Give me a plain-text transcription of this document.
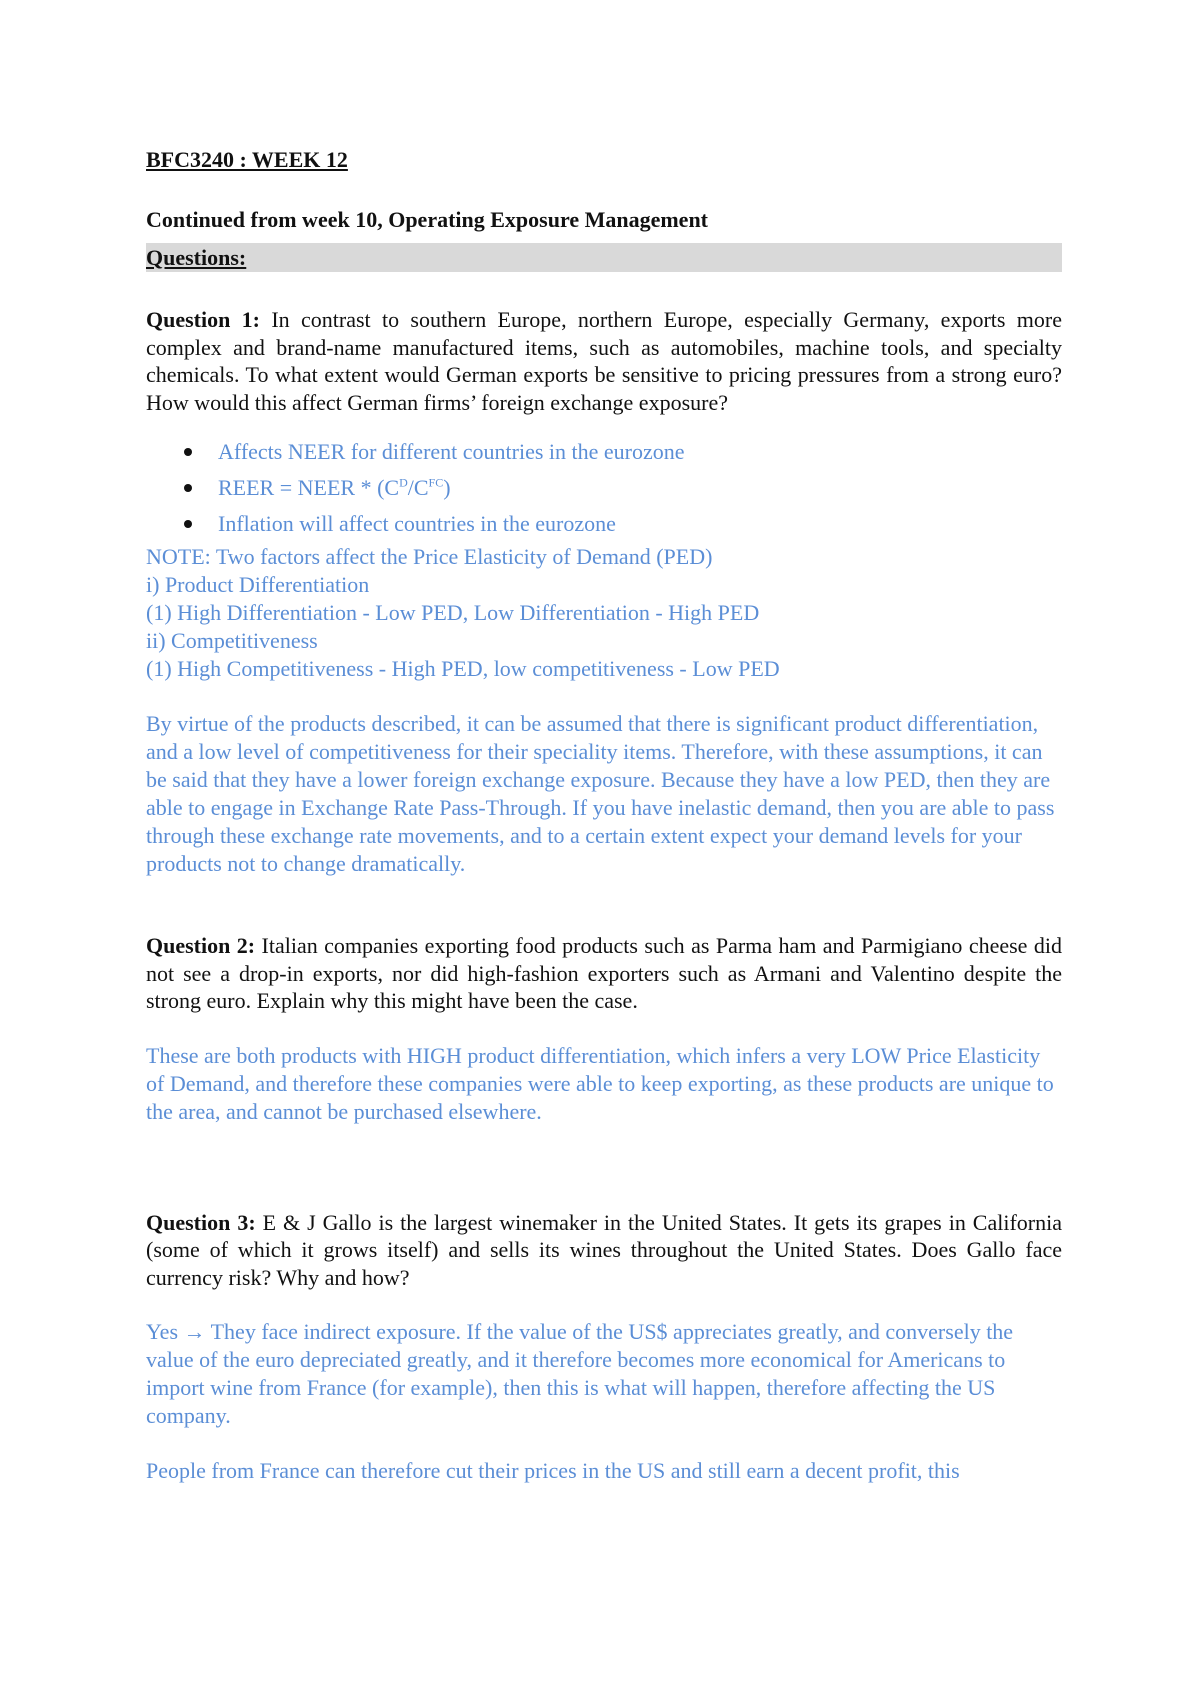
BFC3240 : WEEK 12

Continued from week 10, Operating Exposure Management

Questions:

Question 1: In contrast to southern Europe, northern Europe, especially Germany, exports more complex and brand-name manufactured items, such as automobiles, machine tools, and specialty chemicals. To what extent would German exports be sensitive to pricing pressures from a strong euro? How would this affect German firms’ foreign exchange exposure?

Affects NEER for different countries in the eurozone
REER = NEER * $(C^D/C^{FC})$
Inflation will affect countries in the eurozone

NOTE: Two factors affect the Price Elasticity of Demand (PED)

i) Product Differentiation

(1) High Differentiation - Low PED, Low Differentiation - High PED

ii) Competitiveness

(1) High Competitiveness - High PED, low competitiveness - Low PED

By virtue of the products described, it can be assumed that there is significant product differentiation, and a low level of competitiveness for their speciality items. Therefore, with these assumptions, it can be said that they have a lower foreign exchange exposure. Because they have a low PED, then they are able to engage in Exchange Rate Pass-Through. If you have inelastic demand, then you are able to pass through these exchange rate movements, and to a certain extent expect your demand levels for your products not to change dramatically.

Question 2: Italian companies exporting food products such as Parma ham and Parmigiano cheese did not see a drop-in exports, nor did high-fashion exporters such as Armani and Valentino despite the strong euro. Explain why this might have been the case.

These are both products with HIGH product differentiation, which infers a very LOW Price Elasticity of Demand, and therefore these companies were able to keep exporting, as these products are unique to the area, and cannot be purchased elsewhere.

Question 3: E & J Gallo is the largest winemaker in the United States. It gets its grapes in California (some of which it grows itself) and sells its wines throughout the United States. Does Gallo face currency risk? Why and how?

Yes → They face indirect exposure. If the value of the US$ appreciates greatly, and conversely the value of the euro depreciated greatly, and it therefore becomes more economical for Americans to import wine from France (for example), then this is what will happen, therefore affecting the US company.

People from France can therefore cut their prices in the US and still earn a decent profit, this
